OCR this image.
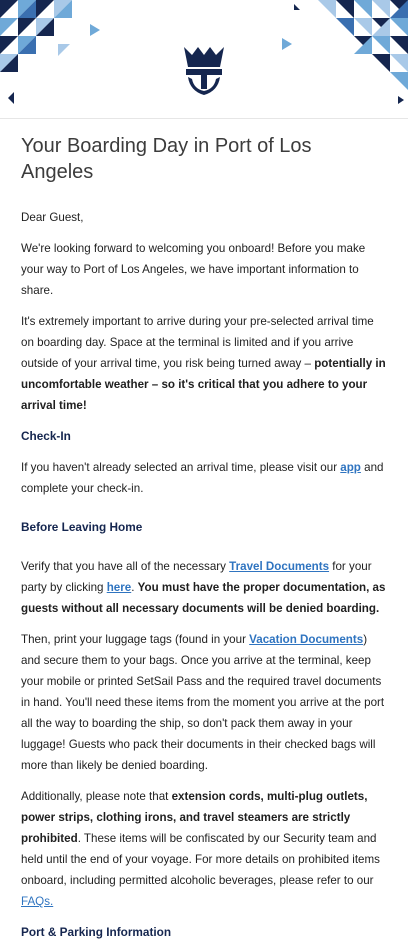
Your Boarding Day in Port of Los Angeles

Dear Guest,

We're looking forward to welcoming you onboard! Before you make your way to Port of Los Angeles, we have important information to share.

It's extremely important to arrive during your pre-selected arrival time on boarding day. Space at the terminal is limited and if you arrive outside of your arrival time, you risk being turned away – potentially in uncomfortable weather – so it's critical that you adhere to your arrival time!

Check-In

If you haven't already selected an arrival time, please visit our app and complete your check-in.

Before Leaving Home

Verify that you have all of the necessary Travel Documents for your party by clicking here. You must have the proper documentation, as guests without all necessary documents will be denied boarding.

Then, print your luggage tags (found in your Vacation Documents) and secure them to your bags. Once you arrive at the terminal, keep your mobile or printed SetSail Pass and the required travel documents in hand. You'll need these items from the moment you arrive at the port all the way to boarding the ship, so don't pack them away in your luggage! Guests who pack their documents in their checked bags will more than likely be denied boarding.

Additionally, please note that extension cords, multi-plug outlets, power strips, clothing irons, and travel steamers are strictly prohibited. These items will be confiscated by our Security team and held until the end of your voyage. For more details on prohibited items onboard, including permitted alcoholic beverages, please refer to our FAQs.

Port & Parking Information
